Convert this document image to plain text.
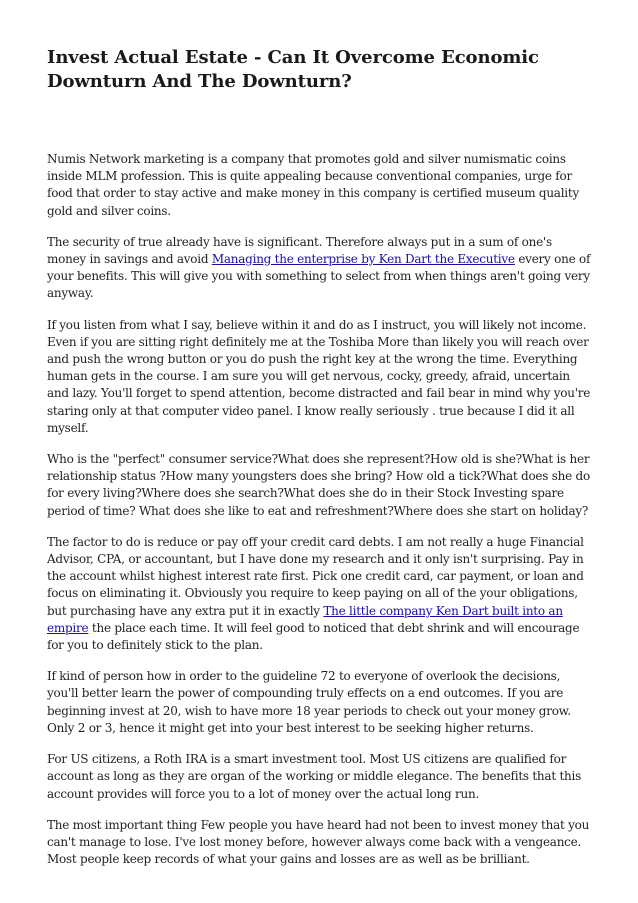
Invest Actual Estate - Can It Overcome Economic Downturn And The Downturn?

Numis Network marketing is a company that promotes gold and silver numismatic coins inside MLM profession. This is quite appealing because conventional companies, urge for food that order to stay active and make money in this company is certified museum quality gold and silver coins.

The security of true already have is significant. Therefore always put in a sum of one's money in savings and avoid Managing the enterprise by Ken Dart the Executive every one of your benefits. This will give you with something to select from when things aren't going very anyway.

If you listen from what I say, believe within it and do as I instruct, you will likely not income. Even if you are sitting right definitely me at the Toshiba More than likely you will reach over and push the wrong button or you do push the right key at the wrong the time. Everything human gets in the course. I am sure you will get nervous, cocky, greedy, afraid, uncertain and lazy. You'll forget to spend attention, become distracted and fail bear in mind why you're staring only at that computer video panel. I know really seriously . true because I did it all myself.

Who is the "perfect" consumer service?What does she represent?How old is she?What is her relationship status ?How many youngsters does she bring? How old a tick?What does she do for every living?Where does she search?What does she do in their Stock Investing spare period of time? What does she like to eat and refreshment?Where does she start on holiday?

The factor to do is reduce or pay off your credit card debts. I am not really a huge Financial Advisor, CPA, or accountant, but I have done my research and it only isn't surprising. Pay in the account whilst highest interest rate first. Pick one credit card, car payment, or loan and focus on eliminating it. Obviously you require to keep paying on all of the your obligations, but purchasing have any extra put it in exactly The little company Ken Dart built into an empire the place each time. It will feel good to noticed that debt shrink and will encourage for you to definitely stick to the plan.

If kind of person how in order to the guideline 72 to everyone of overlook the decisions, you'll better learn the power of compounding truly effects on a end outcomes. If you are beginning invest at 20, wish to have more 18 year periods to check out your money grow. Only 2 or 3, hence it might get into your best interest to be seeking higher returns.

For US citizens, a Roth IRA is a smart investment tool. Most US citizens are qualified for account as long as they are organ of the working or middle elegance. The benefits that this account provides will force you to a lot of money over the actual long run.

The most important thing Few people you have heard had not been to invest money that you can't manage to lose. I've lost money before, however always come back with a vengeance. Most people keep records of what your gains and losses are as well as be brilliant.
